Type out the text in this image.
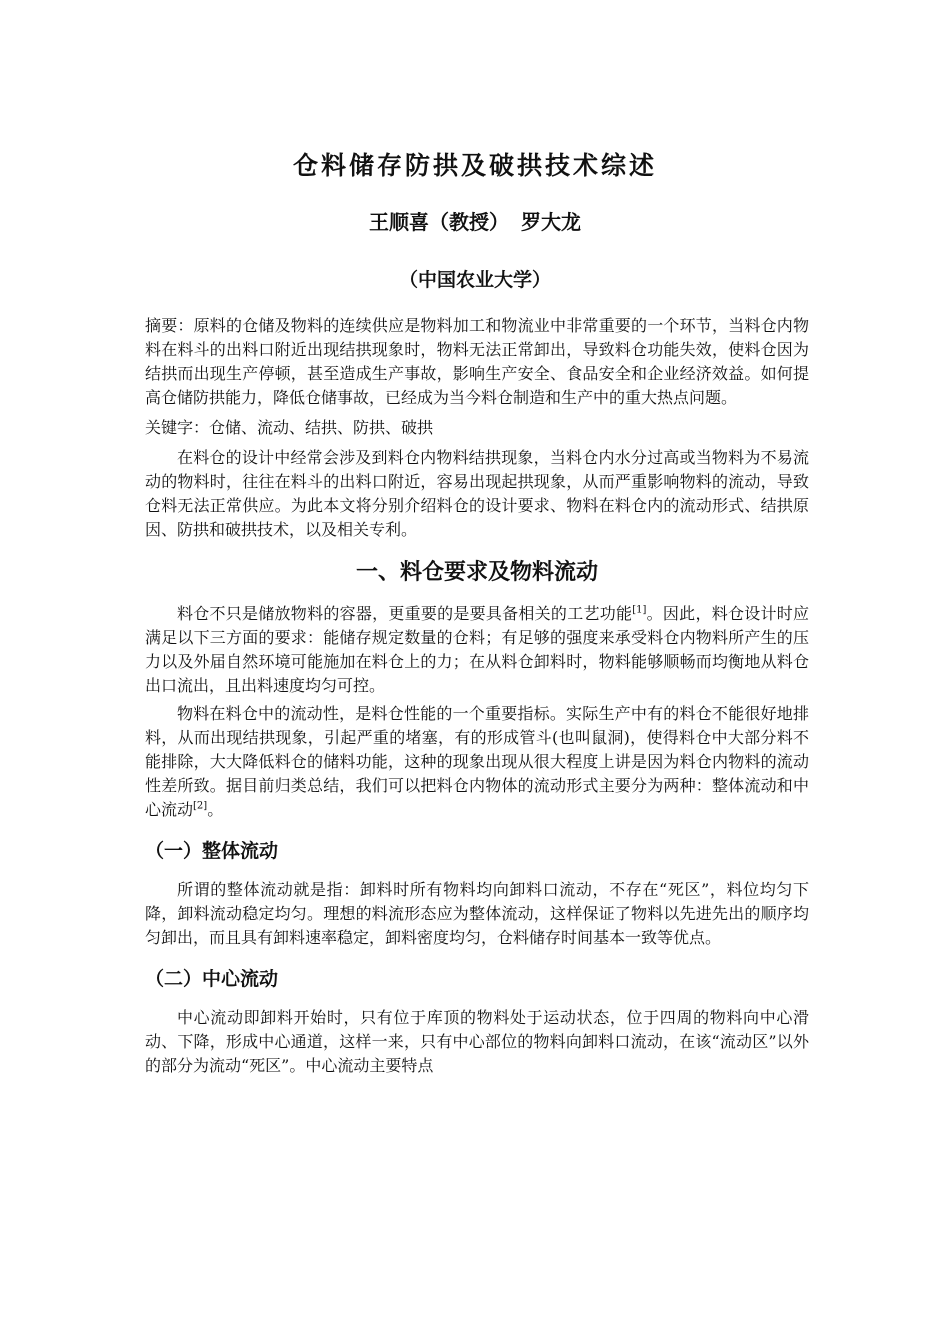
仓料储存防拱及破拱技术综述
王顺喜（教授） 罗大龙
（中国农业大学）

摘要：原料的仓储及物料的连续供应是物料加工和物流业中非常重要的一个环节，当料仓内物料在料斗的出料口附近出现结拱现象时，物料无法正常卸出，导致料仓功能失效，使料仓因为结拱而出现生产停顿，甚至造成生产事故，影响生产安全、食品安全和企业经济效益。如何提高仓储防拱能力，降低仓储事故，已经成为当今料仓制造和生产中的重大热点问题。

关键字：仓储、流动、结拱、防拱、破拱

在料仓的设计中经常会涉及到料仓内物料结拱现象，当料仓内水分过高或当物料为不易流动的物料时，往往在料斗的出料口附近，容易出现起拱现象，从而严重影响物料的流动，导致仓料无法正常供应。为此本文将分别介绍料仓的设计要求、物料在料仓内的流动形式、结拱原因、防拱和破拱技术，以及相关专利。

一、料仓要求及物料流动

料仓不只是储放物料的容器，更重要的是要具备相关的工艺功能[1]。因此，料仓设计时应满足以下三方面的要求：能储存规定数量的仓料；有足够的强度来承受料仓内物料所产生的压力以及外届自然环境可能施加在料仓上的力；在从料仓卸料时，物料能够顺畅而均衡地从料仓出口流出，且出料速度均匀可控。

物料在料仓中的流动性，是料仓性能的一个重要指标。实际生产中有的料仓不能很好地排料，从而出现结拱现象，引起严重的堵塞，有的形成管斗(也叫鼠洞)，使得料仓中大部分料不能排除，大大降低料仓的储料功能，这种的现象出现从很大程度上讲是因为料仓内物料的流动性差所致。据目前归类总结，我们可以把料仓内物体的流动形式主要分为两种：整体流动和中心流动[2]。

（一）整体流动

所谓的整体流动就是指：卸料时所有物料均向卸料口流动，不存在“死区”，料位均匀下降，卸料流动稳定均匀。理想的料流形态应为整体流动，这样保证了物料以先进先出的顺序均匀卸出，而且具有卸料速率稳定，卸料密度均匀，仓料储存时间基本一致等优点。

（二）中心流动

中心流动即卸料开始时，只有位于库顶的物料处于运动状态，位于四周的物料向中心滑动、下降，形成中心通道，这样一来，只有中心部位的物料向卸料口流动，在该“流动区”以外的部分为流动“死区”。中心流动主要特点
